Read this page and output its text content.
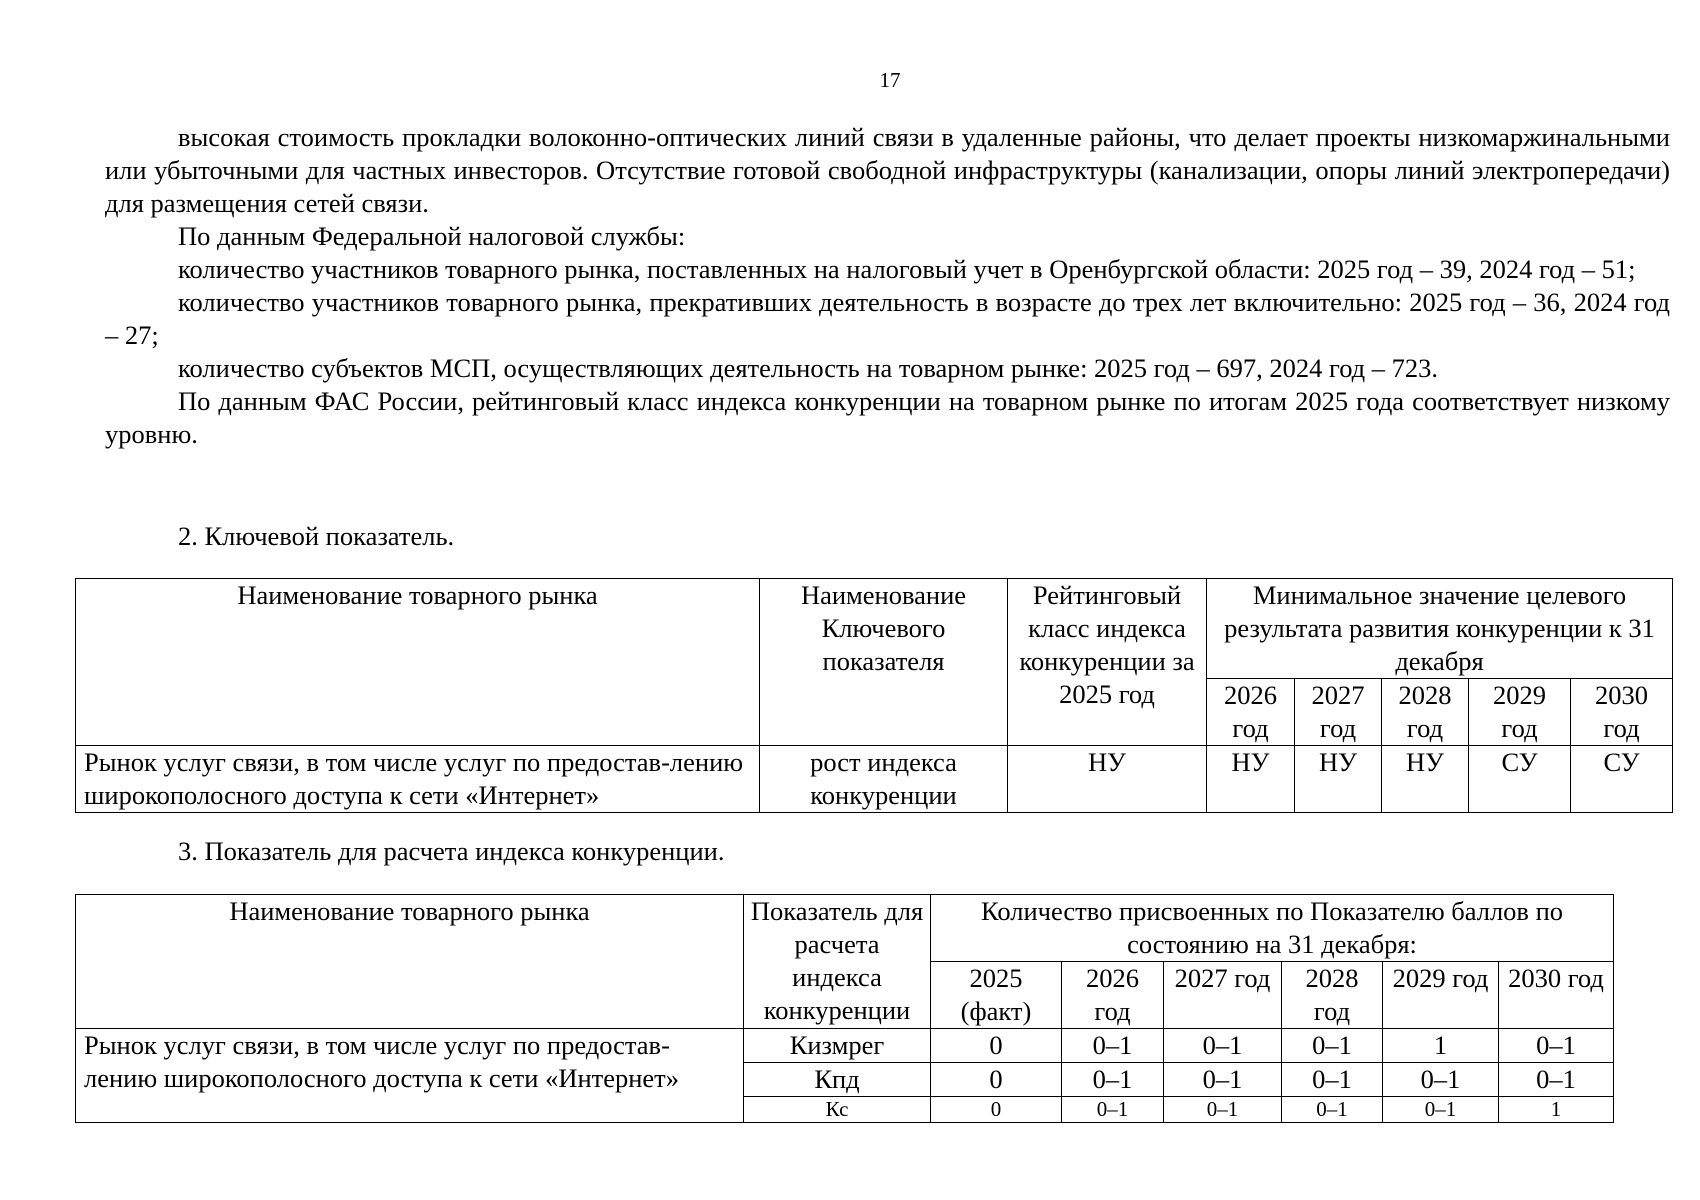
17

высокая стоимость прокладки волоконно-оптических линий связи в удаленные районы, что делает проекты низкомаржинальными или убыточными для частных инвесторов. Отсутствие готовой свободной инфраструктуры (канализации, опоры линий электропередачи) для размещения сетей связи.

По данным Федеральной налоговой службы:

количество участников товарного рынка, поставленных на налоговый учет в Оренбургской области: 2025 год – 39, 2024 год – 51;

количество участников товарного рынка, прекративших деятельность в возрасте до трех лет включительно: 2025 год – 36, 2024 год – 27;

количество субъектов МСП, осуществляющих деятельность на товарном рынке: 2025 год – 697, 2024 год – 723.

По данным ФАС России, рейтинговый класс индекса конкуренции на товарном рынке по итогам 2025 года соответствует низкому уровню.

2. Ключевой показатель.
Наименование товарного рынка	Наименование Ключевого показателя	Рейтинговый класс индекса конкуренции за 2025 год	Минимальное значение целевого результата развития конкуренции к 31 декабря				
			2026 год	2027 год	2028 год	2029 год	2030 год
Рынок услуг связи, в том числе услуг по предостав-лению широкополосного доступа к сети «Интернет»	рост индекса конкуренции	НУ	НУ	НУ	НУ	СУ	СУ
3. Показатель для расчета индекса конкуренции.
Наименование товарного рынка	Показатель для расчета индекса конкуренции	Количество присвоенных по Показателю баллов по состоянию на 31 декабря:					
		2025 (факт)	2026 год	2027 год	2028 год	2029 год	2030 год
Рынок услуг связи, в том числе услуг по предостав-лению широкополосного доступа к сети «Интернет»	Кизмрег	0	0–1	0–1	0–1	1	0–1
	Кпд	0	0–1	0–1	0–1	0–1	0–1
	Кс	0	0–1	0–1	0–1	0–1	1
